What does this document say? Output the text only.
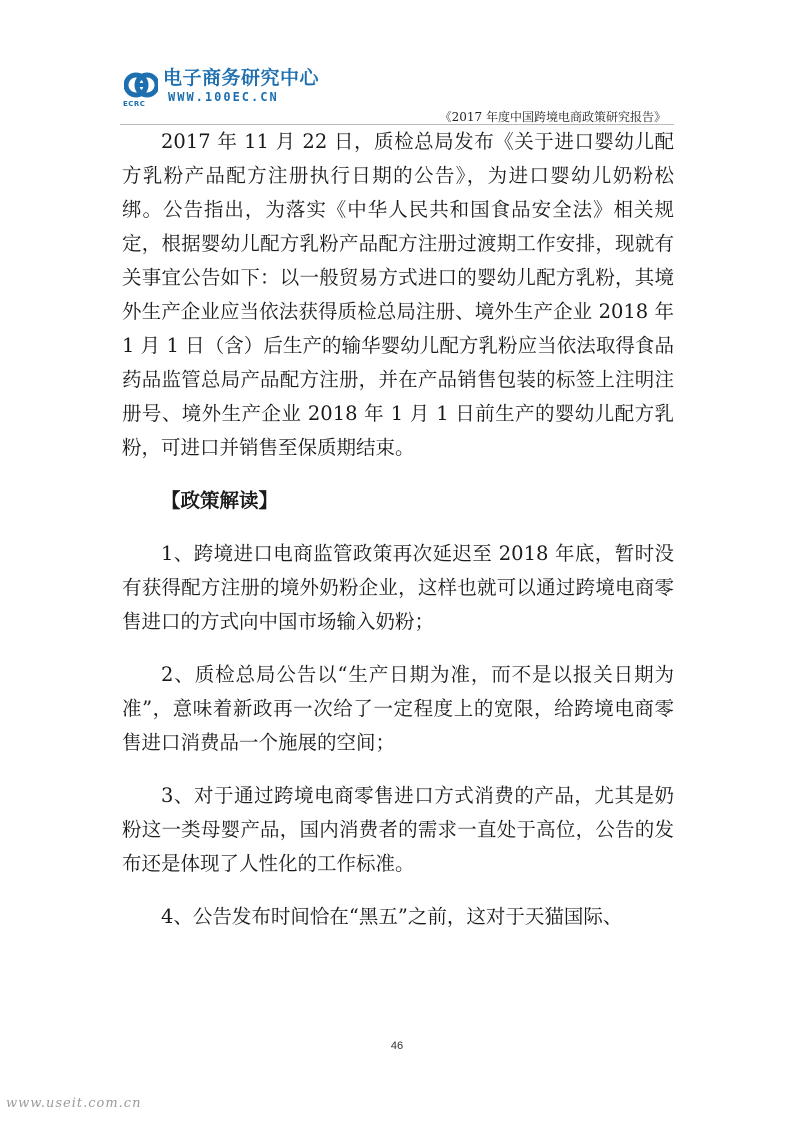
ECRC
电子商务研究中心
WWW.100EC.CN
《2017 年度中国跨境电商政策研究报告》

2017 年 11 月 22 日，质检总局发布《关于进口婴幼儿配方乳粉产品配方注册执行日期的公告》，为进口婴幼儿奶粉松绑。公告指出，为落实《中华人民共和国食品安全法》相关规定，根据婴幼儿配方乳粉产品配方注册过渡期工作安排，现就有关事宜公告如下：以一般贸易方式进口的婴幼儿配方乳粉，其境外生产企业应当依法获得质检总局注册、境外生产企业 2018 年 1 月 1 日（含）后生产的输华婴幼儿配方乳粉应当依法取得食品药品监管总局产品配方注册，并在产品销售包装的标签上注明注册号、境外生产企业 2018 年 1 月 1 日前生产的婴幼儿配方乳粉，可进口并销售至保质期结束。

【政策解读】

1、跨境进口电商监管政策再次延迟至 2018 年底，暂时没有获得配方注册的境外奶粉企业，这样也就可以通过跨境电商零售进口的方式向中国市场输入奶粉；

2、质检总局公告以“生产日期为准，而不是以报关日期为准”，意味着新政再一次给了一定程度上的宽限，给跨境电商零售进口消费品一个施展的空间；

3、对于通过跨境电商零售进口方式消费的产品，尤其是奶粉这一类母婴产品，国内消费者的需求一直处于高位，公告的发布还是体现了人性化的工作标准。

4、公告发布时间恰在“黑五”之前，这对于天猫国际、

46
www.useit.com.cn
